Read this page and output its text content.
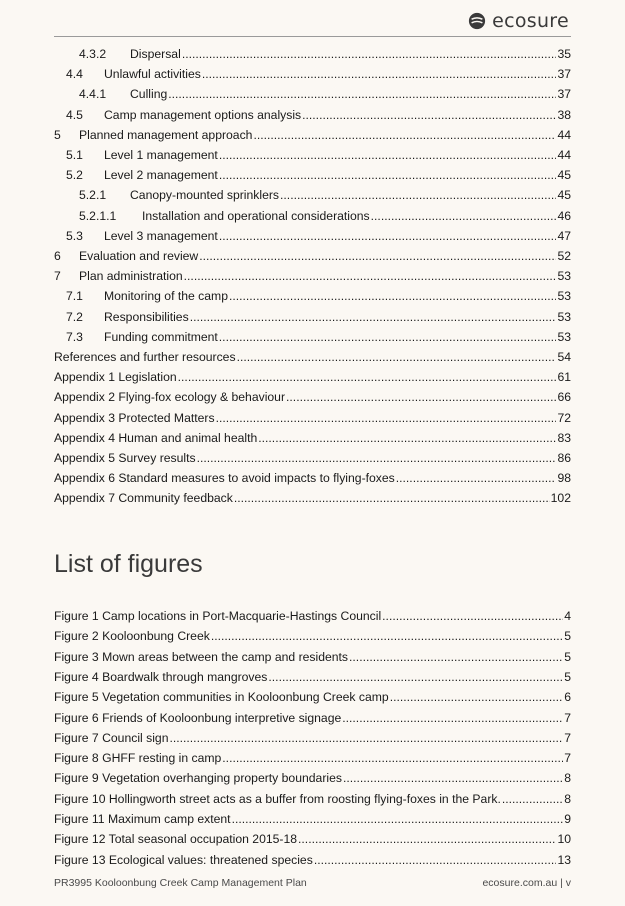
ecosure
4.3.2	Dispersal .....	35
4.4	Unlawful activities .....	37
4.4.1	Culling .....	37
4.5	Camp management options analysis .....	38
5	Planned management approach .....	44
5.1	Level 1 management .....	44
5.2	Level 2 management .....	45
5.2.1	Canopy-mounted sprinklers .....	45
5.2.1.1	Installation and operational considerations .....	46
5.3	Level 3 management .....	47
6	Evaluation and review .....	52
7	Plan administration .....	53
7.1	Monitoring of the camp .....	53
7.2	Responsibilities .....	53
7.3	Funding commitment .....	53
References and further resources .....	54
Appendix 1 Legislation .....	61
Appendix 2 Flying-fox ecology & behaviour .....	66
Appendix 3 Protected Matters .....	72
Appendix 4 Human and animal health .....	83
Appendix 5 Survey results .....	86
Appendix 6 Standard measures to avoid impacts to flying-foxes .....	98
Appendix 7 Community feedback .....	102
List of figures
Figure 1 Camp locations in Port-Macquarie-Hastings Council .....	4
Figure 2 Kooloonbung Creek .....	5
Figure 3 Mown areas between the camp and residents .....	5
Figure 4 Boardwalk through mangroves .....	5
Figure 5 Vegetation communities in Kooloonbung Creek camp .....	6
Figure 6 Friends of Kooloonbung interpretive signage .....	7
Figure 7 Council sign .....	7
Figure 8 GHFF resting in camp .....	7
Figure 9 Vegetation overhanging property boundaries .....	8
Figure 10 Hollingworth street acts as a buffer from roosting flying-foxes in the Park. .....	8
Figure 11 Maximum camp extent .....	9
Figure 12 Total seasonal occupation 2015-18 .....	10
Figure 13 Ecological values: threatened species .....	13
PR3995 Kooloonbung Creek Camp Management Plan	ecosure.com.au | v
